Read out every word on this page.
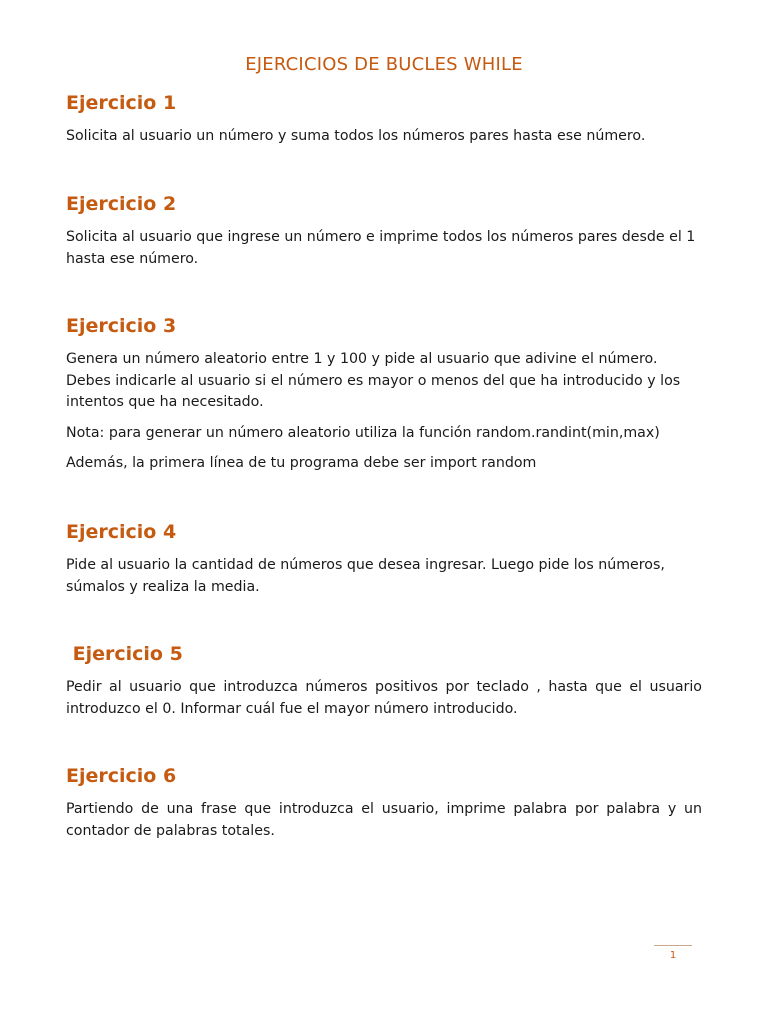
EJERCICIOS DE BUCLES WHILE
Ejercicio 1

Solicita al usuario un número y suma todos los números pares hasta ese número.

Ejercicio 2

Solicita al usuario que ingrese un número e imprime todos los números pares desde el 1 hasta ese número.

Ejercicio 3

Genera un número aleatorio entre 1 y 100 y pide al usuario que adivine el número. Debes indicarle al usuario si el número es mayor o menos del que ha introducido y los intentos que ha necesitado.

Nota: para generar un número aleatorio utiliza la función random.randint(min,max)

Además, la primera línea de tu programa debe ser import random

Ejercicio 4

Pide al usuario la cantidad de números que desea ingresar. Luego pide los números, súmalos y realiza la media.

Ejercicio 5

Pedir al usuario que introduzca números positivos por teclado , hasta que el usuario introduzco el 0. Informar cuál fue el mayor número introducido.

Ejercicio 6

Partiendo de una frase que introduzca el usuario, imprime palabra por palabra y un contador de palabras totales.

1
